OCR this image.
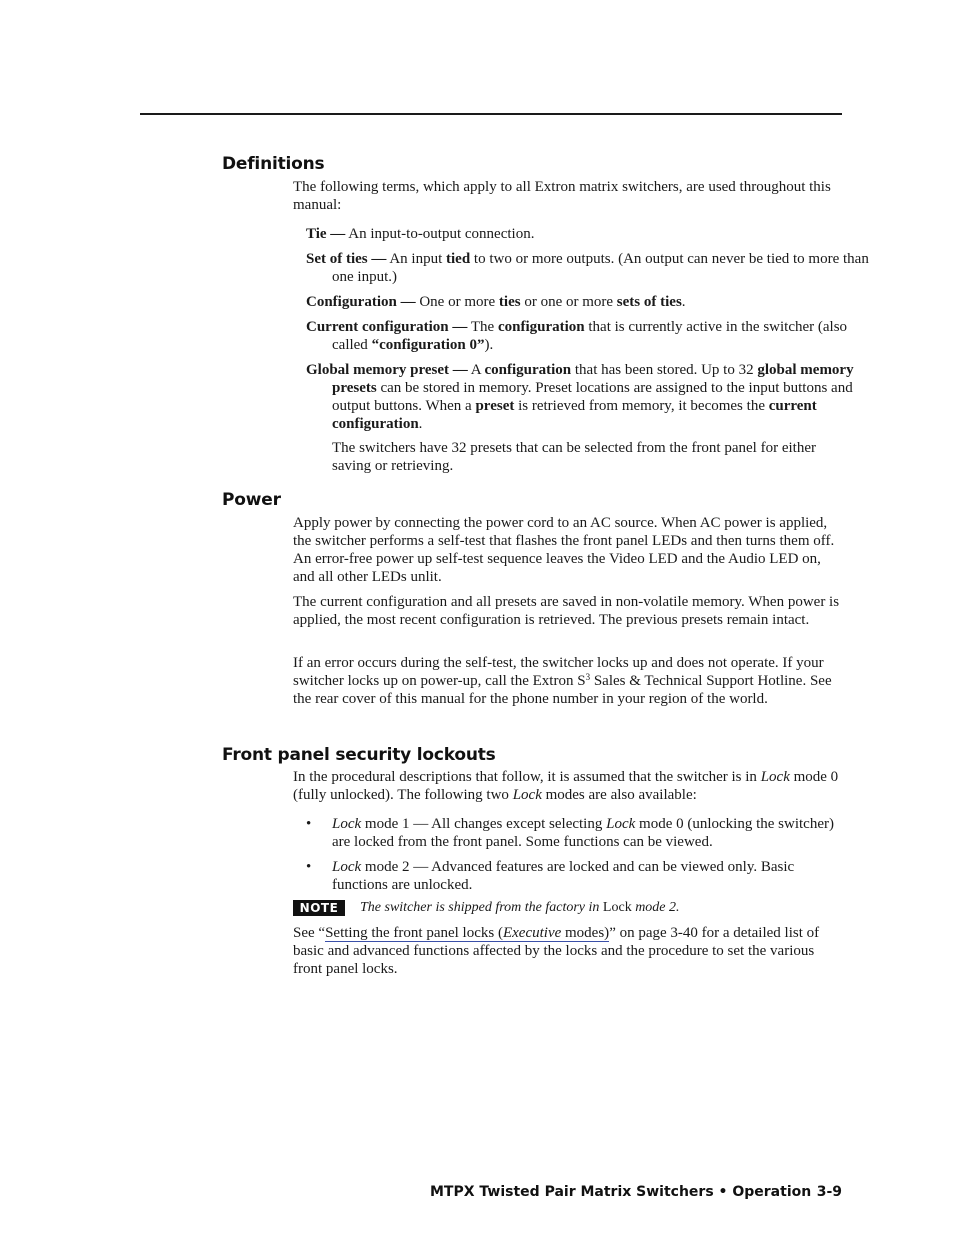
Definitions

The following terms, which apply to all Extron matrix switchers, are used throughout this manual:

Tie — An input-to-output connection.

Set of ties — An input tied to two or more outputs. (An output can never be tied to more than one input.)

Configuration — One or more ties or one or more sets of ties.

Current configuration — The configuration that is currently active in the switcher (also called “configuration 0”).

Global memory preset — A configuration that has been stored. Up to 32 global memory presets can be stored in memory. Preset locations are assigned to the input buttons and output buttons. When a preset is retrieved from memory, it becomes the current configuration.

The switchers have 32 presets that can be selected from the front panel for either saving or retrieving.

Power

Apply power by connecting the power cord to an AC source. When AC power is applied, the switcher performs a self-test that flashes the front panel LEDs and then turns them off. An error-free power up self-test sequence leaves the Video LED and the Audio LED on, and all other LEDs unlit.

The current configuration and all presets are saved in non-volatile memory. When power is applied, the most recent configuration is retrieved. The previous presets remain intact.

If an error occurs during the self-test, the switcher locks up and does not operate. If your switcher locks up on power-up, call the Extron $S^3$ Sales & Technical Support Hotline. See the rear cover of this manual for the phone number in your region of the world.

Front panel security lockouts

In the procedural descriptions that follow, it is assumed that the switcher is in Lock mode 0 (fully unlocked). The following two Lock modes are also available:

• Lock mode 1 — All changes except selecting Lock mode 0 (unlocking the switcher) are locked from the front panel. Some functions can be viewed.
• Lock mode 2 — Advanced features are locked and can be viewed only. Basic functions are unlocked.
NOTE	The switcher is shipped from the factory in Lock mode 2.

See “Setting the front panel locks (Executive modes)” on page 3-40 for a detailed list of basic and advanced functions affected by the locks and the procedure to set the various front panel locks.

MTPX Twisted Pair Matrix Switchers • Operation 3-9
